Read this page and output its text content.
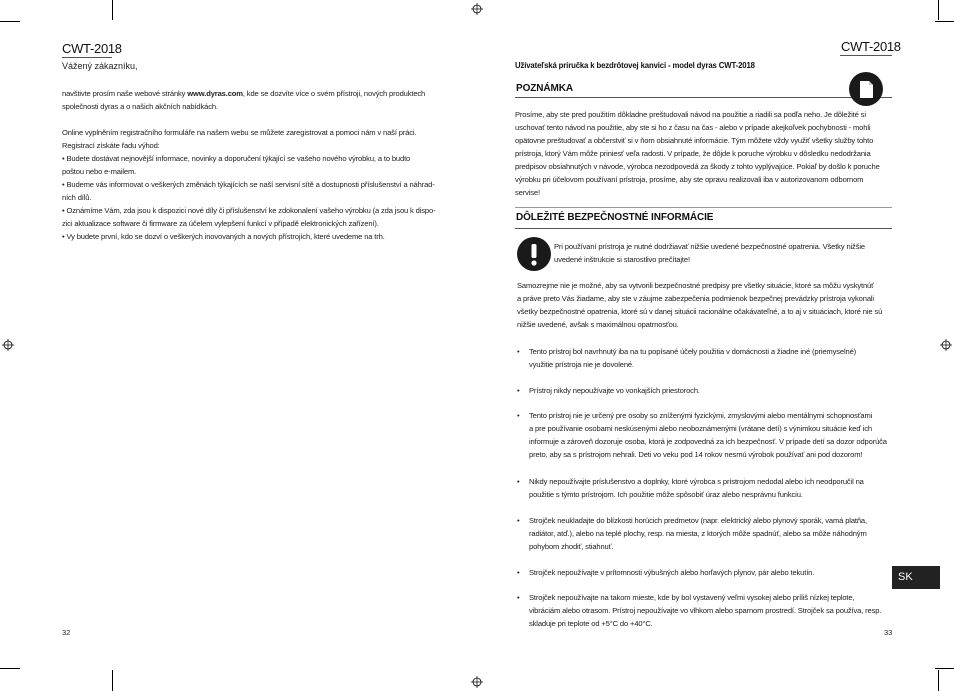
CWT-2018
Vážený zákazníku,
navštivte prosím naše webové stránky www.dyras.com, kde se dozvíte více o svém přístroji, nových produktech
společnosti dyras a o našich akčních nabídkách.
Online vyplněním registračního formuláře na našem webu se můžete zaregistrovat a pomoci nám v naší práci.
Registrací získáte řadu výhod:
• Budete dostávat nejnovější informace, novinky a doporučení týkající se vašeho nového výrobku, a to budto
poštou nebo e-mailem.
• Budeme vás informovat o veškerých změnách týkajících se naší servisní sítě a dostupnosti příslušenství a náhrad-
ních dílů.
• Oznámíme Vám, zda jsou k dispozici nové díly či příslušenství ke zdokonalení vašeho výrobku (a zda jsou k dispo-
zici aktualizace software či firmware za účelem vylepšení funkcí v případě elektronických zařízení).
• Vy budete první, kdo se dozví o veškerých inovovaných a nových přístrojích, které uvedeme na trh.
32
CWT-2018
Užívateľská príručka k bezdrôtovej kanvici - model dyras CWT-2018
POZNÁMKA
Prosíme, aby ste pred použitím dôkladne preštudovali návod na použitie a riadili sa podľa neho. Je dôležité si
uschovať tento návod na použitie, aby ste si ho z času na čas - alebo v prípade akejkoľvek pochybnosti - mohli
opätovne preštudovať a občerstviť si v ňom obsiahnuté informácie. Tým môžete vždy využiť všetky služby tohto
prístroja, ktorý Vám môže priniesť veľa radosti. V prípade, že dôjde k poruche výrobku v dôsledku nedodržania
predpisov obsiahnutých v návode, výrobca nezodpovedá za škody z tohto vyplývajúce. Pokiaľ by došlo k poruche
výrobku pri účelovom používaní prístroja, prosíme, aby ste opravu realizovali iba v autorizovanom odbornom
servise!
DÔLEŽITÉ BEZPEČNOSTNÉ INFORMÁCIE
Pri používaní prístroja je nutné dodržiavať nižšie uvedené bezpečnostné opatrenia. Všetky nižšie
uvedené inštrukcie si starostlivo prečítajte!
Samozrejme nie je možné, aby sa vytvorili bezpečnostné predpisy pre všetky situácie, ktoré sa môžu vyskytnúť
a práve preto Vás žiadame, aby ste v záujme zabezpečenia podmienok bezpečnej prevádzky prístroja vykonali
všetky bezpečnostné opatrenia, ktoré sú v danej situácii racionálne očakávateľné, a to aj v situáciach, ktoré nie sú
nižšie uvedené, avšak s maximálnou opatrnosťou.
• Tento prístroj bol navrhnutý iba na tu popísané účely použitia v domácnosti a žiadne iné (priemyselné)
využitie prístroja nie je dovolené.
• Prístroj nikdy nepoužívajte vo vonkajších priestoroch.
• Tento prístroj nie je určený pre osoby so zníženými fyzickými, zmyslovými alebo mentálnymi schopnosťami
a pre používanie osobami neskúsenými alebo neoboznámenými (vrátane detí) s výnimkou situácie keď ich
informuje a zároveň dozoruje osoba, ktorá je zodpovedná za ich bezpečnosť. V prípade detí sa dozor odporúča
preto, aby sa s prístrojom nehrali. Deti vo veku pod 14 rokov nesmú výrobok používať ani pod dozorom!
• Nikdy nepoužívajte príslušenstvo a doplnky, ktoré výrobca s prístrojom nedodal alebo ich neodporučil na
použitie s týmto prístrojom. Ich použitie môže spôsobiť úraz alebo nesprávnu funkciu.
• Strojček neukladajte do blízkosti horúcich predmetov (napr. elektrický alebo plynový sporák, vamá platňa,
radiátor, atď.), alebo na teplé plochy, resp. na miesta, z ktorých môže spadnúť, alebo sa môže náhodným
pohybom zhodiť, stiahnuť.
• Strojček nepoužívajte v prítomnosti výbušných alebo horľavých plynov, pár alebo tekutín.
• Strojček nepoužívajte na takom mieste, kde by bol vystavený veľmi vysokej alebo príliš nízkej teplote,
vibráciám alebo otrasom. Prístroj nepoužívajte vo vlhkom alebo sparnom prostredí. Strojček sa používa, resp.
skladuje pri teplote od +5°C do +40°C.
SK
33
